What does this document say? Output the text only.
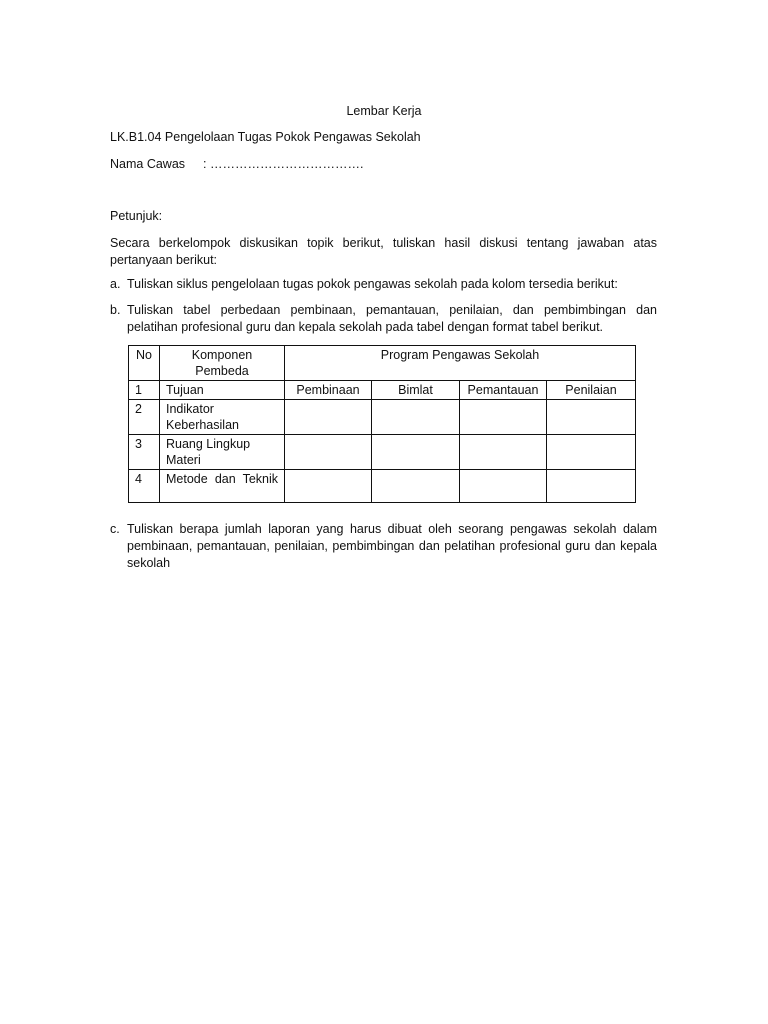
Lembar Kerja

LK.B1.04 Pengelolaan Tugas Pokok Pengawas Sekolah

Nama Cawas : ……………………………….

Petunjuk:

Secara berkelompok diskusikan topik berikut, tuliskan hasil diskusi tentang jawaban atas pertanyaan berikut:

a. Tuliskan siklus pengelolaan tugas pokok pengawas sekolah pada kolom tersedia berikut:
b. Tuliskan tabel perbedaan pembinaan, pemantauan, penilaian, dan pembimbingan dan pelatihan profesional guru dan kepala sekolah pada tabel dengan format tabel berikut.
No	Komponen Pembeda	Program Pengawas Sekolah			
1	Tujuan	Pembinaan	Bimlat	Pemantauan	Penilaian
2	Indikator Keberhasilan				
3	Ruang Lingkup Materi				
4	Metode dan Teknik				
c. Tuliskan berapa jumlah laporan yang harus dibuat oleh seorang pengawas sekolah dalam pembinaan, pemantauan, penilaian, pembimbingan dan pelatihan profesional guru dan kepala sekolah
